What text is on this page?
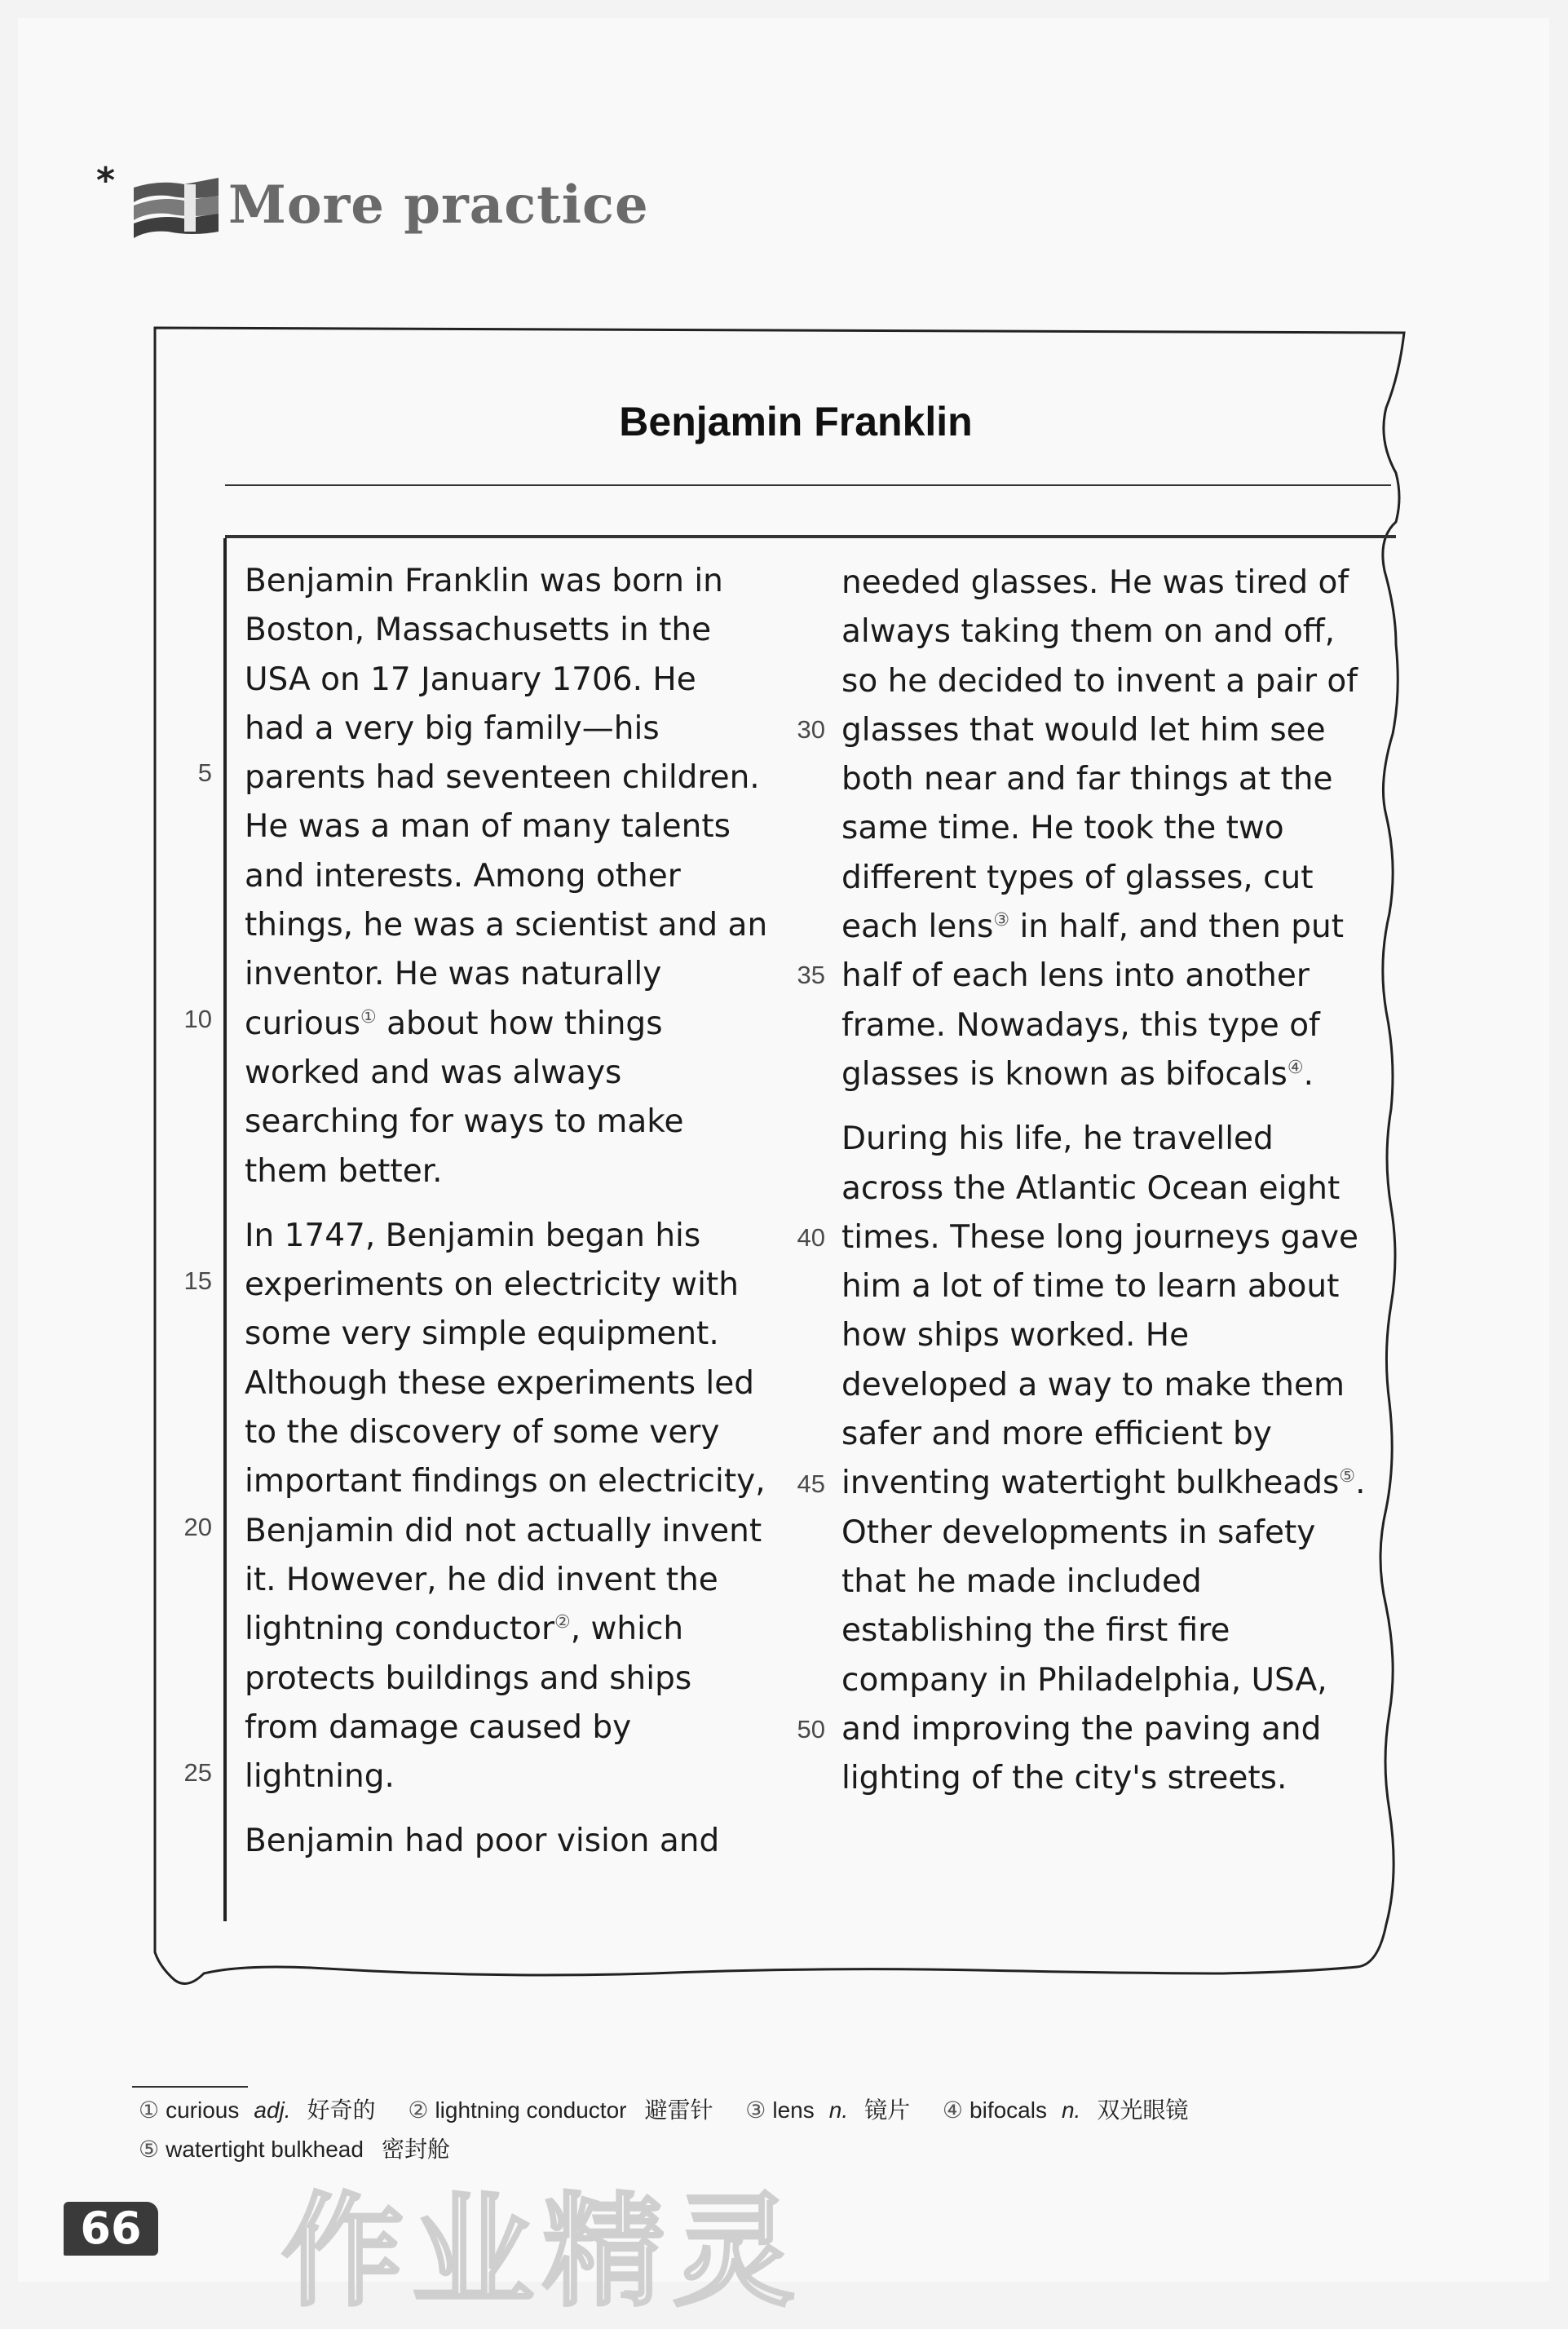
* More practice
Benjamin Franklin
5
10
15
20
25
30
35
40
45
50
Benjamin Franklin was born in
Boston, Massachusetts in the
USA on 17 January 1706. He
had a very big family—his
parents had seventeen children.
He was a man of many talents
and interests. Among other
things, he was a scientist and an
inventor. He was naturally
curious① about how things
worked and was always
searching for ways to make
them better.
In 1747, Benjamin began his
experiments on electricity with
some very simple equipment.
Although these experiments led
to the discovery of some very
important findings on electricity,
Benjamin did not actually invent
it. However, he did invent the
lightning conductor②, which
protects buildings and ships
from damage caused by
lightning.
Benjamin had poor vision and
needed glasses. He was tired of
always taking them on and off,
so he decided to invent a pair of
glasses that would let him see
both near and far things at the
same time. He took the two
different types of glasses, cut
each lens③ in half, and then put
half of each lens into another
frame. Nowadays, this type of
glasses is known as bifocals④.
During his life, he travelled
across the Atlantic Ocean eight
times. These long journeys gave
him a lot of time to learn about
how ships worked. He
developed a way to make them
safer and more efficient by
inventing watertight bulkheads⑤.
Other developments in safety
that he made included
establishing the first fire
company in Philadelphia, USA,
and improving the paving and
lighting of the city's streets.
① curious adj. 好奇的 ② lightning conductor 避雷针 ③ lens n. 镜片 ④ bifocals n. 双光眼镜
⑤ watertight bulkhead 密封舱
作业精灵
66
